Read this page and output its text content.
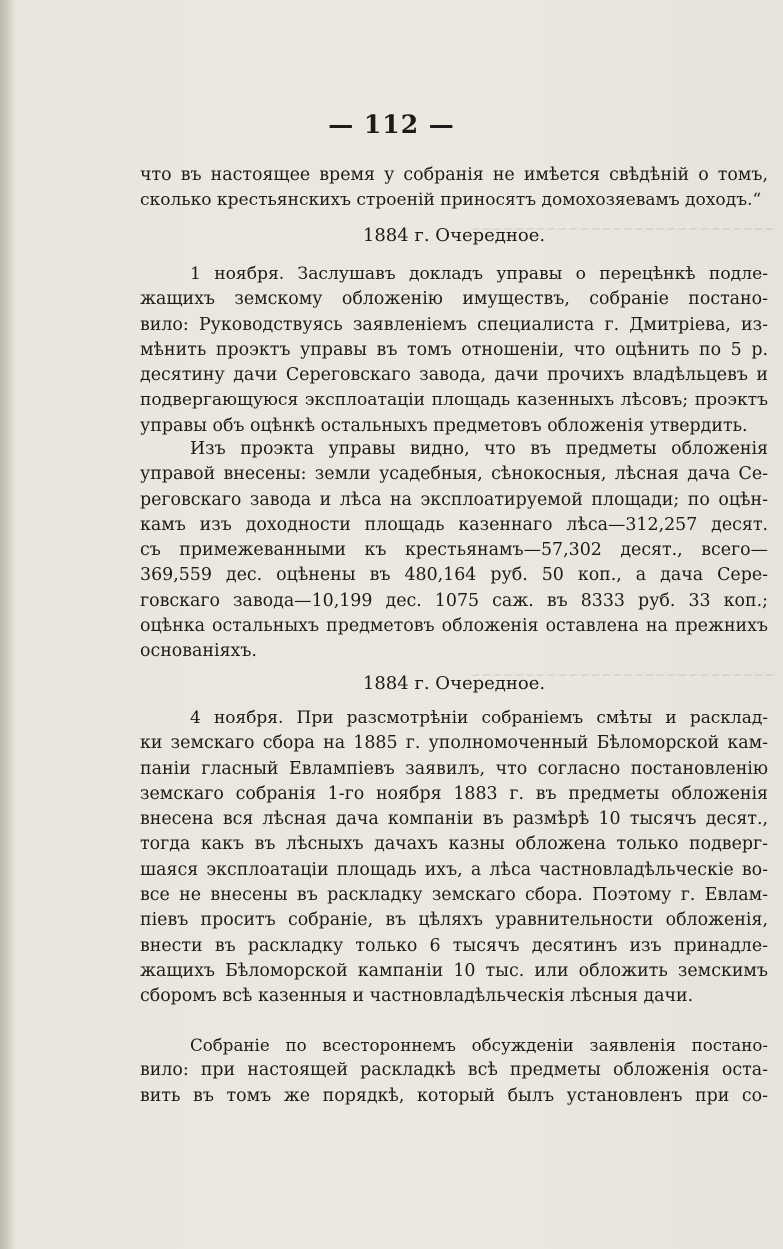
~~~~~~~~~~~~~~~~~~~~~~~~~~~~
~~~~~~~~~~~~~~~~~~~~~~~~~~~~
— 112 —
что въ настоящее время у собранія не имѣется свѣдѣній о томъ,
сколько крестьянскихъ строеній приносятъ домохозяевамъ доходъ.“
1884 г. Очередное.
1 ноября. Заслушавъ докладъ управы о перецѣнкѣ подле-
жащихъ земскому обложенію имуществъ, собраніе постано-
вило: Руководствуясь заявленіемъ специалиста г. Дмитріева, из-
мѣнить проэктъ управы въ томъ отношеніи, что оцѣнить по 5 р.
десятину дачи Сереговскаго завода, дачи прочихъ владѣльцевъ и
подвергающуюся эксплоатаціи площадь казенныхъ лѣсовъ; проэктъ
управы объ оцѣнкѣ остальныхъ предметовъ обложенія утвердить.
Изъ проэкта управы видно, что въ предметы обложенія
управой внесены: земли усадебныя, сѣнокосныя, лѣсная дача Се-
реговскаго завода и лѣса на эксплоатируемой площади; по оцѣн-
камъ изъ доходности площадь казеннаго лѣса—312,257 десят.
съ примежеванными къ крестьянамъ—57,302 десят., всего—
369,559 дес. оцѣнены въ 480,164 руб. 50 коп., а дача Сере-
говскаго завода—10,199 дес. 1075 саж. въ 8333 руб. 33 коп.;
оцѣнка остальныхъ предметовъ обложенія оставлена на прежнихъ
основаніяхъ.
1884 г. Очередное.
4 ноября. При разсмотрѣніи собраніемъ смѣты и расклад-
ки земскаго сбора на 1885 г. уполномоченный Бѣломорской кам-
паніи гласный Евлампіевъ заявилъ, что согласно постановленію
земскаго собранія 1-го ноября 1883 г. въ предметы обложенія
внесена вся лѣсная дача компаніи въ размѣрѣ 10 тысячъ десят.,
тогда какъ въ лѣсныхъ дачахъ казны обложена только подверг-
шаяся эксплоатаціи площадь ихъ, а лѣса частновладѣльческіе во-
все не внесены въ раскладку земскаго сбора. Поэтому г. Евлам-
піевъ проситъ собраніе, въ цѣляхъ уравнительности обложенія,
внести въ раскладку только 6 тысячъ десятинъ изъ принадле-
жащихъ Бѣломорской кампаніи 10 тыс. или обложить земскимъ
сборомъ всѣ казенныя и частновладѣльческія лѣсныя дачи.
Собраніе по всестороннемъ обсужденіи заявленія постано-
вило: при настоящей раскладкѣ всѣ предметы обложенія оста-
вить въ томъ же порядкѣ, который былъ установленъ при со-
